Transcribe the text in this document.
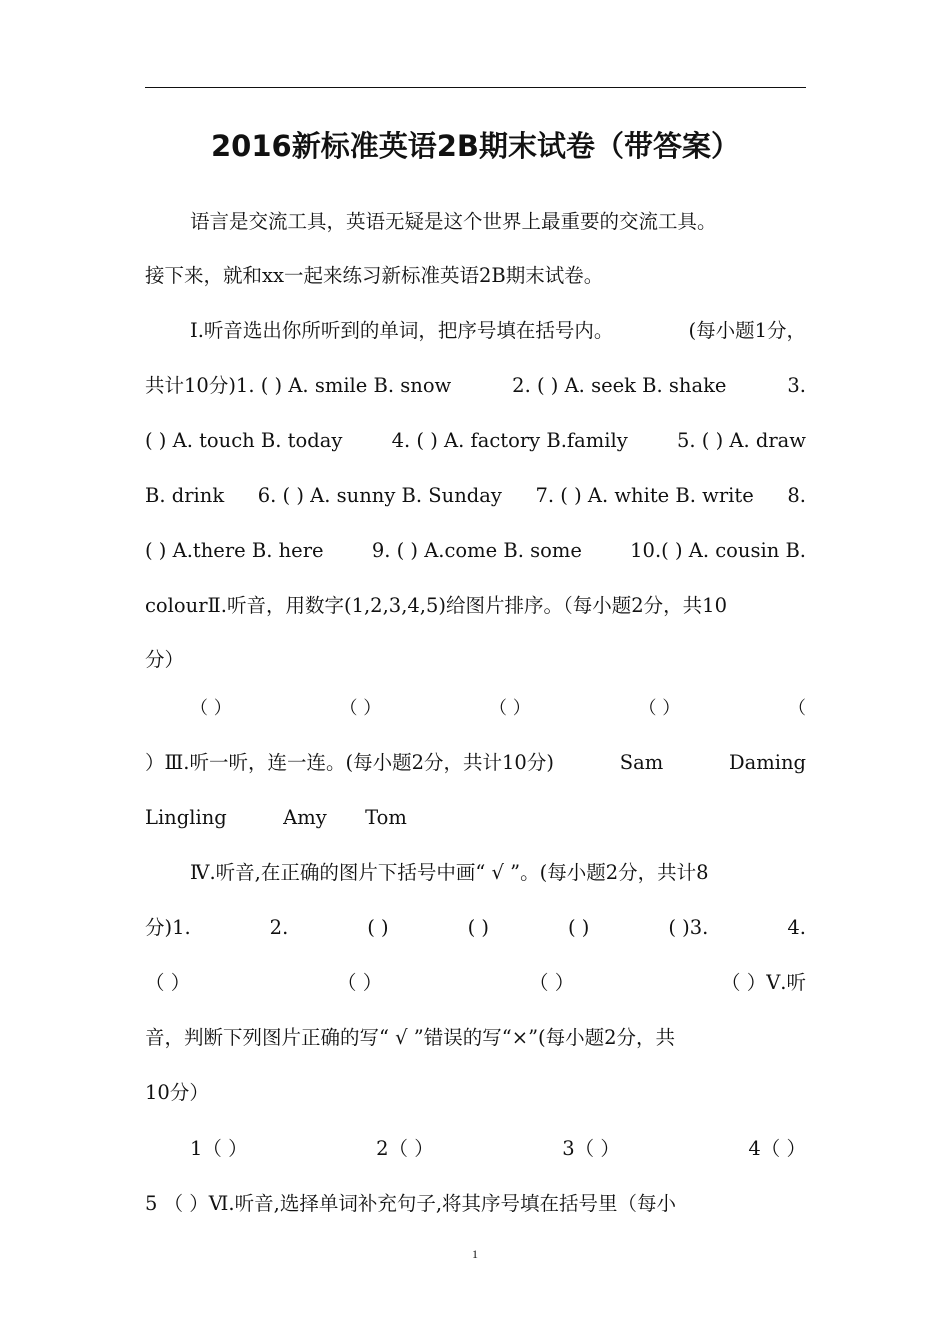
2016新标准英语2B期末试卷（带答案）
语言是交流工具，英语无疑是这个世界上最重要的交流工具。
接下来，就和xx一起来练习新标准英语2B期末试卷。
Ⅰ.听音选出你所听到的单词，把序号填在括号内。	(每小题1分，
共计10分)1. ( ) A. smile B. snow	2. ( ) A. seek B. shake	3.
( ) A. touch B. today	4. ( ) A. factory B.family	5. ( ) A. draw
B. drink 6. ( ) A. sunny B. Sunday 7. ( ) A. white B. write 8.
( ) A.there B. here 9. ( ) A.come B. some 10.( ) A. cousin B.
colourⅡ.听音，用数字(1,2,3,4,5)给图片排序。（每小题2分，共10
分）
（ ）	（ ）	（ ）	（ ）	（
）Ⅲ.听一听，连一连。(每小题2分，共计10分)	Sam	Daming
Lingling	Amy Tom
Ⅳ.听音,在正确的图片下括号中画“ √ ”。(每小题2分，共计8
分)1.	2.	( )	( )	( )	( )3.	4.
（ ）	（ ）	（ ）	（ ）Ⅴ.听
音，判断下列图片正确的写“ √ ”错误的写“×”(每小题2分，共
10分）
1（ ）	2（ ）	3（ ）	4（ ）
5 （ ）Ⅵ.听音,选择单词补充句子,将其序号填在括号里（每小
1
